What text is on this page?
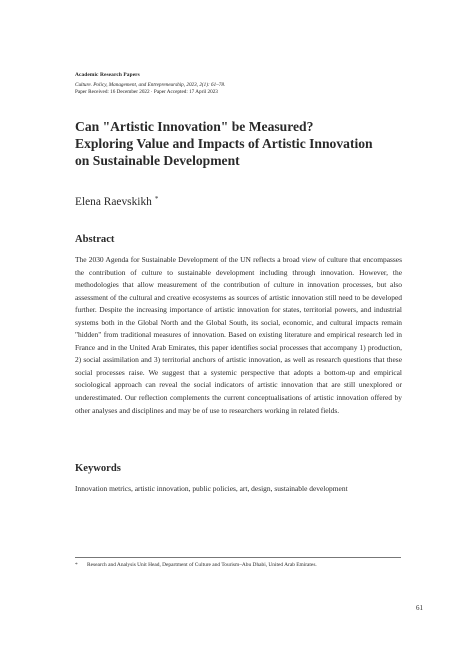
Academic Research Papers
Culture. Policy, Management, and Entrepreneurship, 2023, 2(1): 61–78.
Paper Received: 16 December 2022 · Paper Accepted: 17 April 2023
Can "Artistic Innovation" be Measured?
Exploring Value and Impacts of Artistic Innovation
on Sustainable Development

Elena Raevskikh *

Abstract

The 2030 Agenda for Sustainable Development of the UN reflects a broad view of culture that encompasses the contribution of culture to sustainable development including through innovation. However, the methodologies that allow measurement of the contribution of culture in innovation processes, but also assessment of the cultural and creative ecosystems as sources of artistic innovation still need to be developed further. Despite the increasing importance of artistic innovation for states, territorial powers, and industrial systems both in the Global North and the Global South, its social, economic, and cultural impacts remain "hidden" from traditional measures of innovation. Based on existing literature and empirical research led in France and in the United Arab Emirates, this paper identifies social processes that accompany 1) production, 2) social assimilation and 3) territorial anchors of artistic innovation, as well as research questions that these social processes raise. We suggest that a systemic perspective that adopts a bottom-up and empirical sociological approach can reveal the social indicators of artistic innovation that are still unexplored or underestimated. Our reflection complements the current conceptualisations of artistic innovation offered by other analyses and disciplines and may be of use to researchers working in related fields.

Keywords

Innovation metrics, artistic innovation, public policies, art, design, sustainable development

* Research and Analysis Unit Head, Department of Culture and Tourism–Abu Dhabi, United Arab Emirates.

61
